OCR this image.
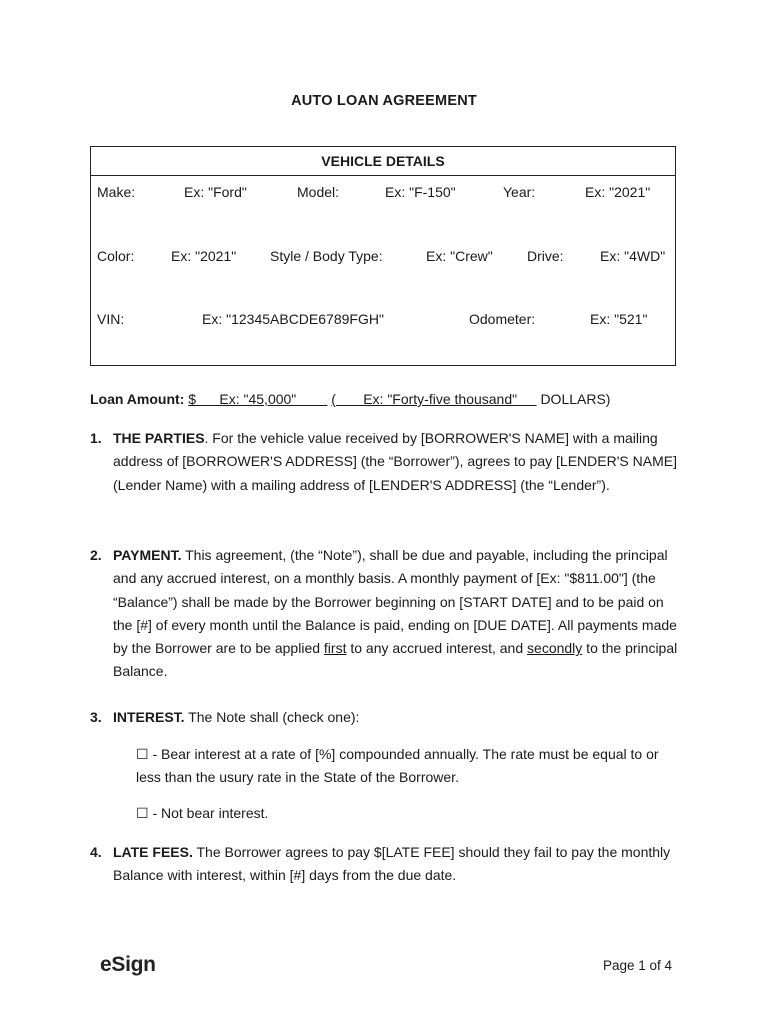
AUTO LOAN AGREEMENT
VEHICLE DETAILS
Make:	Ex: "Ford"	Model:	Ex: "F-150"	Year:	Ex: "2021"
Color:	Ex: "2021" Style / Body Type:	Ex: "Crew" Drive:	Ex: "4WD"
VIN:	Ex: "12345ABCDE6789FGH"	Odometer:	Ex: "521"
Loan Amount: $ Ex: "45,000"	( Ex: "Forty-five thousand" DOLLARS)
1. THE PARTIES. For the vehicle value received by [BORROWER'S NAME] with a mailing address of [BORROWER'S ADDRESS] (the “Borrower”), agrees to pay [LENDER'S NAME] (Lender Name) with a mailing address of [LENDER'S ADDRESS] (the “Lender”).
2. PAYMENT. This agreement, (the “Note”), shall be due and payable, including the principal and any accrued interest, on a monthly basis. A monthly payment of [Ex: "$811.00"] (the “Balance”) shall be made by the Borrower beginning on [START DATE] and to be paid on the [#] of every month until the Balance is paid, ending on [DUE DATE]. All payments made by the Borrower are to be applied first to any accrued interest, and secondly to the principal Balance.
3. INTEREST. The Note shall (check one):
☐ - Bear interest at a rate of [%] compounded annually. The rate must be equal to or less than the usury rate in the State of the Borrower.
☐ - Not bear interest.
4. LATE FEES. The Borrower agrees to pay $[LATE FEE] should they fail to pay the monthly Balance with interest, within [#] days from the due date.
eSign	Page 1 of 4
